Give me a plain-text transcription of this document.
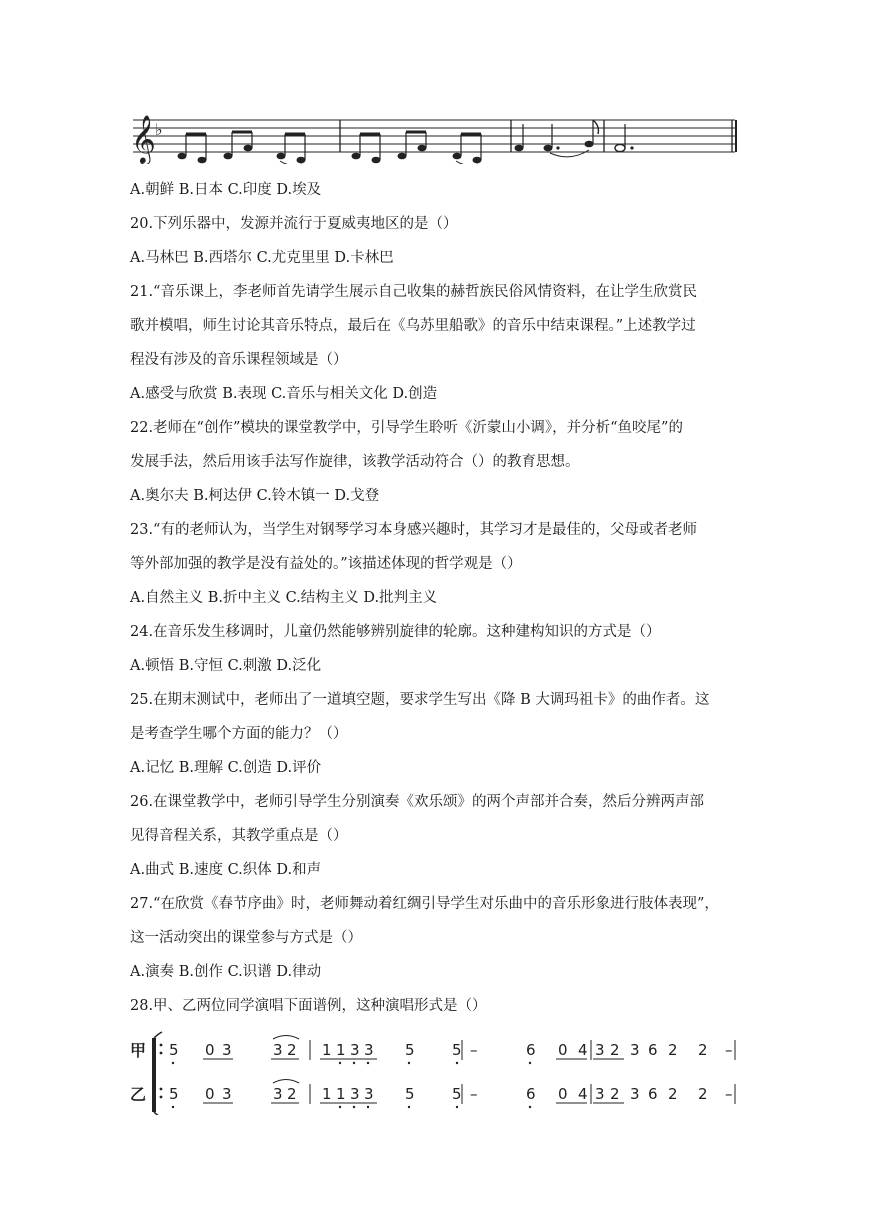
𝄞 ♭
A.朝鲜 B.日本 C.印度 D.埃及
20.下列乐器中，发源并流行于夏威夷地区的是（）
A.马林巴 B.西塔尔 C.尤克里里 D.卡林巴
21.“音乐课上，李老师首先请学生展示自己收集的赫哲族民俗风情资料，在让学生欣赏民
歌并模唱，师生讨论其音乐特点，最后在《乌苏里船歌》的音乐中结束课程。”上述教学过
程没有涉及的音乐课程领域是（）
A.感受与欣赏 B.表现 C.音乐与相关文化 D.创造
22.老师在“创作”模块的课堂教学中，引导学生聆听《沂蒙山小调》，并分析“鱼咬尾”的
发展手法，然后用该手法写作旋律，该教学活动符合（）的教育思想。
A.奥尔夫 B.柯达伊 C.铃木镇一 D.戈登
23.“有的老师认为，当学生对钢琴学习本身感兴趣时，其学习才是最佳的，父母或者老师
等外部加强的教学是没有益处的。”该描述体现的哲学观是（）
A.自然主义 B.折中主义 C.结构主义 D.批判主义
24.在音乐发生移调时，儿童仍然能够辨别旋律的轮廓。这种建构知识的方式是（）
A.顿悟 B.守恒 C.刺激 D.泛化
25.在期末测试中，老师出了一道填空题，要求学生写出《降 B 大调玛祖卡》的曲作者。这
是考查学生哪个方面的能力？（）
A.记忆 B.理解 C.创造 D.评价
26.在课堂教学中，老师引导学生分别演奏《欢乐颂》的两个声部并合奏，然后分辨两声部
见得音程关系，其教学重点是（）
A.曲式 B.速度 C.织体 D.和声
27.“在欣赏《春节序曲》时，老师舞动着红绸引导学生对乐曲中的音乐形象进行肢体表现”，
这一活动突出的课堂参与方式是（）
A.演奏 B.创作 C.识谱 D.律动
28.甲、乙两位同学演唱下面谱例，这种演唱形式是（）
甲
乙
5 0 3	3 2 1 1 3 3 5 5 –	6 0 4 3 2 3 6 2 2 –
5 0 3	3 2 1 1 3 3 5 5 –	6 0 4 3 2 3 6 2 2 –
